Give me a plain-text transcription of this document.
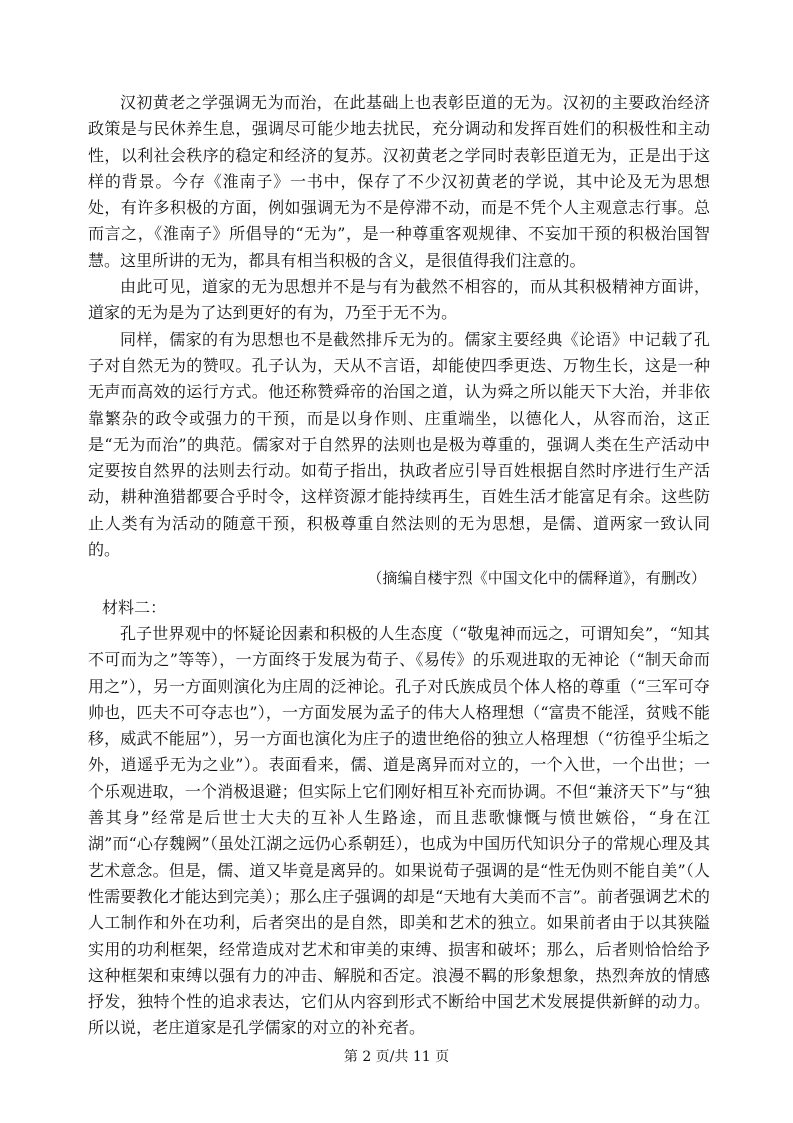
汉初黄老之学强调无为而治，在此基础上也表彰臣道的无为。汉初的主要政治经济政策是与民休养生息，强调尽可能少地去扰民，充分调动和发挥百姓们的积极性和主动性，以利社会秩序的稳定和经济的复苏。汉初黄老之学同时表彰臣道无为，正是出于这样的背景。今存《淮南子》一书中，保存了不少汉初黄老的学说，其中论及无为思想处，有许多积极的方面，例如强调无为不是停滞不动，而是不凭个人主观意志行事。总而言之，《淮南子》所倡导的“无为”，是一种尊重客观规律、不妄加干预的积极治国智慧。这里所讲的无为，都具有相当积极的含义，是很值得我们注意的。

由此可见，道家的无为思想并不是与有为截然不相容的，而从其积极精神方面讲，道家的无为是为了达到更好的有为，乃至于无不为。

同样，儒家的有为思想也不是截然排斥无为的。儒家主要经典《论语》中记载了孔子对自然无为的赞叹。孔子认为，天从不言语，却能使四季更迭、万物生长，这是一种无声而高效的运行方式。他还称赞舜帝的治国之道，认为舜之所以能天下大治，并非依靠繁杂的政令或强力的干预，而是以身作则、庄重端坐，以德化人，从容而治，这正是“无为而治”的典范。儒家对于自然界的法则也是极为尊重的，强调人类在生产活动中定要按自然界的法则去行动。如荀子指出，执政者应引导百姓根据自然时序进行生产活动，耕种渔猎都要合乎时令，这样资源才能持续再生，百姓生活才能富足有余。这些防止人类有为活动的随意干预，积极尊重自然法则的无为思想，是儒、道两家一致认同的。

（摘编自楼宇烈《中国文化中的儒释道》，有删改）

材料二：

孔子世界观中的怀疑论因素和积极的人生态度（“敬鬼神而远之，可谓知矣”，“知其不可而为之”等等），一方面终于发展为荀子、《易传》的乐观进取的无神论（“制天命而用之”），另一方面则演化为庄周的泛神论。孔子对氏族成员个体人格的尊重（“三军可夺帅也，匹夫不可夺志也”），一方面发展为孟子的伟大人格理想（“富贵不能淫，贫贱不能移，威武不能屈”），另一方面也演化为庄子的遗世绝俗的独立人格理想（“彷徨乎尘垢之外，逍遥乎无为之业”）。表面看来，儒、道是离异而对立的，一个入世，一个出世；一个乐观进取，一个消极退避；但实际上它们刚好相互补充而协调。不但“兼济天下”与“独善其身”经常是后世士大夫的互补人生路途，而且悲歌慷慨与愤世嫉俗，“身在江湖”而“心存魏阙”（虽处江湖之远仍心系朝廷），也成为中国历代知识分子的常规心理及其艺术意念。但是，儒、道又毕竟是离异的。如果说荀子强调的是“性无伪则不能自美”（人性需要教化才能达到完美）；那么庄子强调的却是“天地有大美而不言”。前者强调艺术的人工制作和外在功利，后者突出的是自然，即美和艺术的独立。如果前者由于以其狭隘实用的功利框架，经常造成对艺术和审美的束缚、损害和破坏；那么，后者则恰恰给予这种框架和束缚以强有力的冲击、解脱和否定。浪漫不羁的形象想象，热烈奔放的情感抒发，独特个性的追求表达，它们从内容到形式不断给中国艺术发展提供新鲜的动力。所以说，老庄道家是孔学儒家的对立的补充者。

第 2 页/共 11 页
